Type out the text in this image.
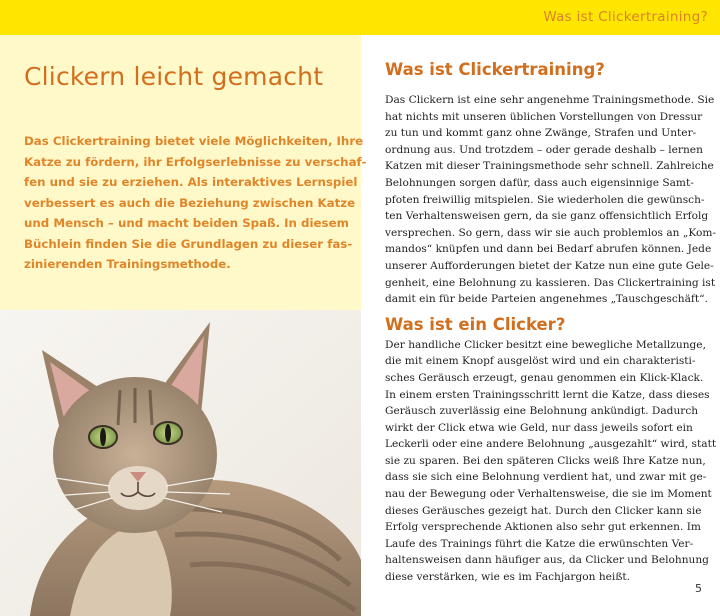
Was ist Clickertraining?
Clickern leicht gemacht

Das Clickertraining bietet viele Möglichkeiten, Ihre
Katze zu fördern, ihr Erfolgserlebnisse zu verschaf-
fen und sie zu erziehen. Als interaktives Lernspiel
verbessert es auch die Beziehung zwischen Katze
und Mensch – und macht beiden Spaß. In diesem
Büchlein finden Sie die Grundlagen zu dieser fas-
zinierenden Trainingsmethode.

Was ist Clickertraining?

Das Clickern ist eine sehr angenehme Trainingsmethode. Sie
hat nichts mit unseren üblichen Vorstellungen von Dressur
zu tun und kommt ganz ohne Zwänge, Strafen und Unter-
ordnung aus. Und trotzdem – oder gerade deshalb – lernen
Katzen mit dieser Trainingsmethode sehr schnell. Zahlreiche
Belohnungen sorgen dafür, dass auch eigensinnige Samt-
pfoten freiwillig mitspielen. Sie wiederholen die gewünsch-
ten Verhaltensweisen gern, da sie ganz offensichtlich Erfolg
versprechen. So gern, dass wir sie auch problemlos an „Kom-
mandos“ knüpfen und dann bei Bedarf abrufen können. Jede
unserer Aufforderungen bietet der Katze nun eine gute Gele-
genheit, eine Belohnung zu kassieren. Das Clickertraining ist
damit ein für beide Parteien angenehmes „Tauschgeschäft“.

Was ist ein Clicker?

Der handliche Clicker besitzt eine bewegliche Metallzunge,
die mit einem Knopf ausgelöst wird und ein charakteristi-
sches Geräusch erzeugt, genau genommen ein Klick-Klack.
In einem ersten Trainingsschritt lernt die Katze, dass dieses
Geräusch zuverlässig eine Belohnung ankündigt. Dadurch
wirkt der Click etwa wie Geld, nur dass jeweils sofort ein
Leckerli oder eine andere Belohnung „ausgezahlt“ wird, statt
sie zu sparen. Bei den späteren Clicks weiß Ihre Katze nun,
dass sie sich eine Belohnung verdient hat, und zwar mit ge-
nau der Bewegung oder Verhaltensweise, die sie im Moment
dieses Geräusches gezeigt hat. Durch den Clicker kann sie
Erfolg versprechende Aktionen also sehr gut erkennen. Im
Laufe des Trainings führt die Katze die erwünschten Ver-
haltensweisen dann häufiger aus, da Clicker und Belohnung
diese verstärken, wie es im Fachjargon heißt.

5
